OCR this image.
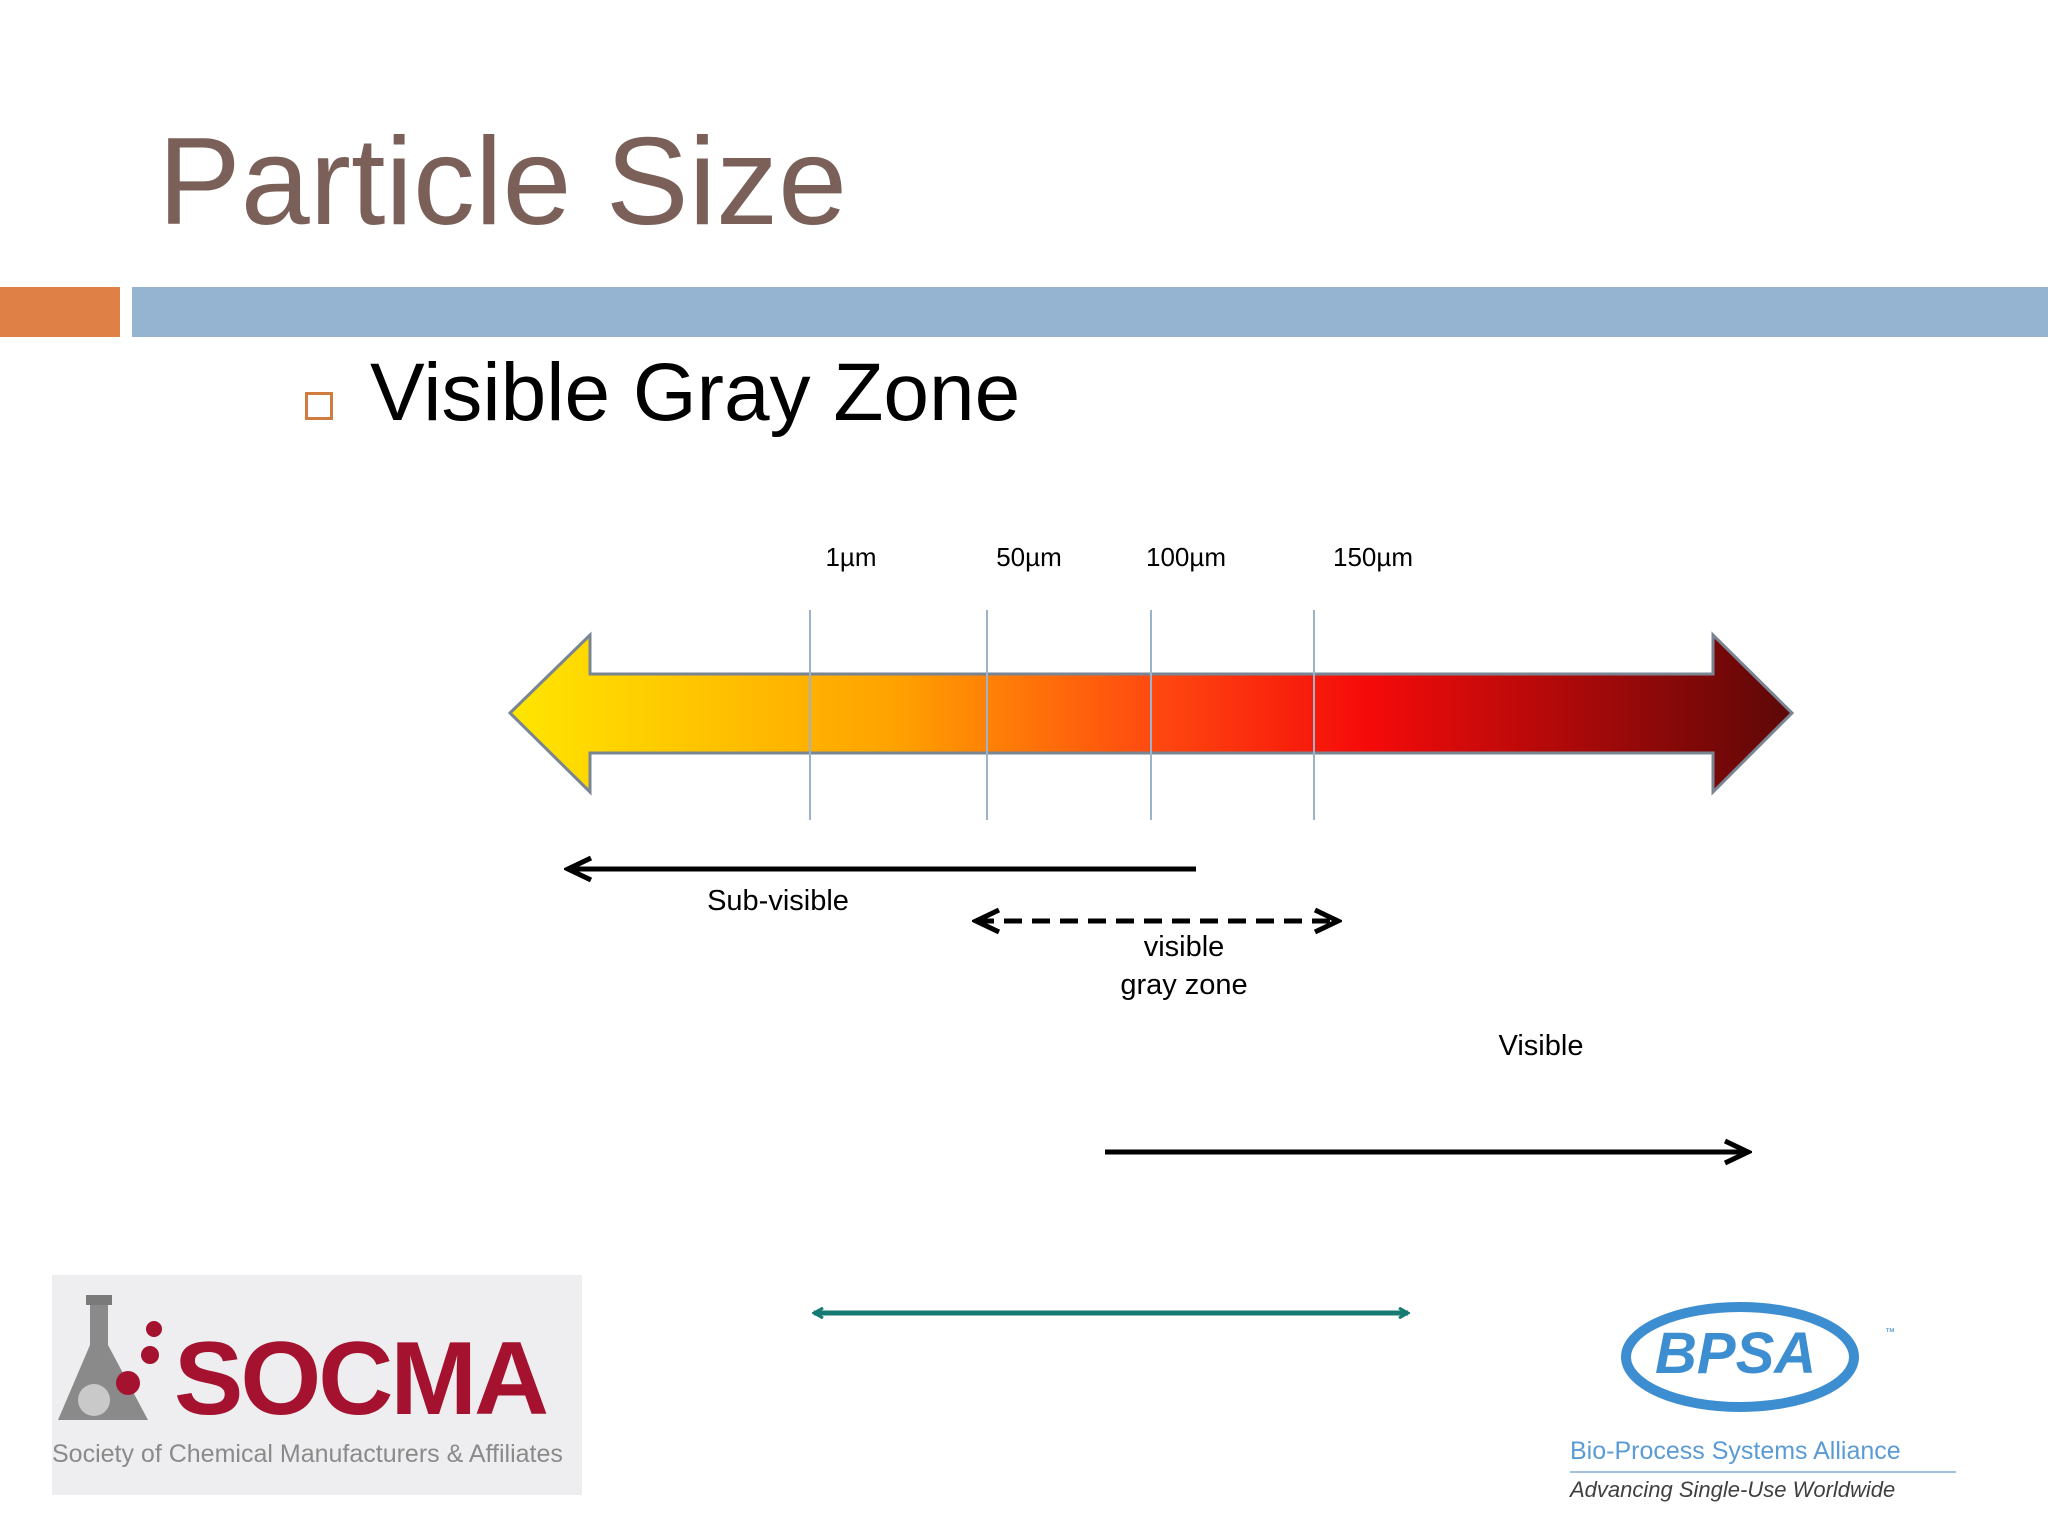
Particle Size
Visible Gray Zone
1µm	50µm	100µm	150µm
Sub-visible
visible
gray zone
Visible
SOCMA
Society of Chemical Manufacturers & Affiliates
BPSA	™
Bio-Process Systems Alliance
Advancing Single-Use Worldwide
